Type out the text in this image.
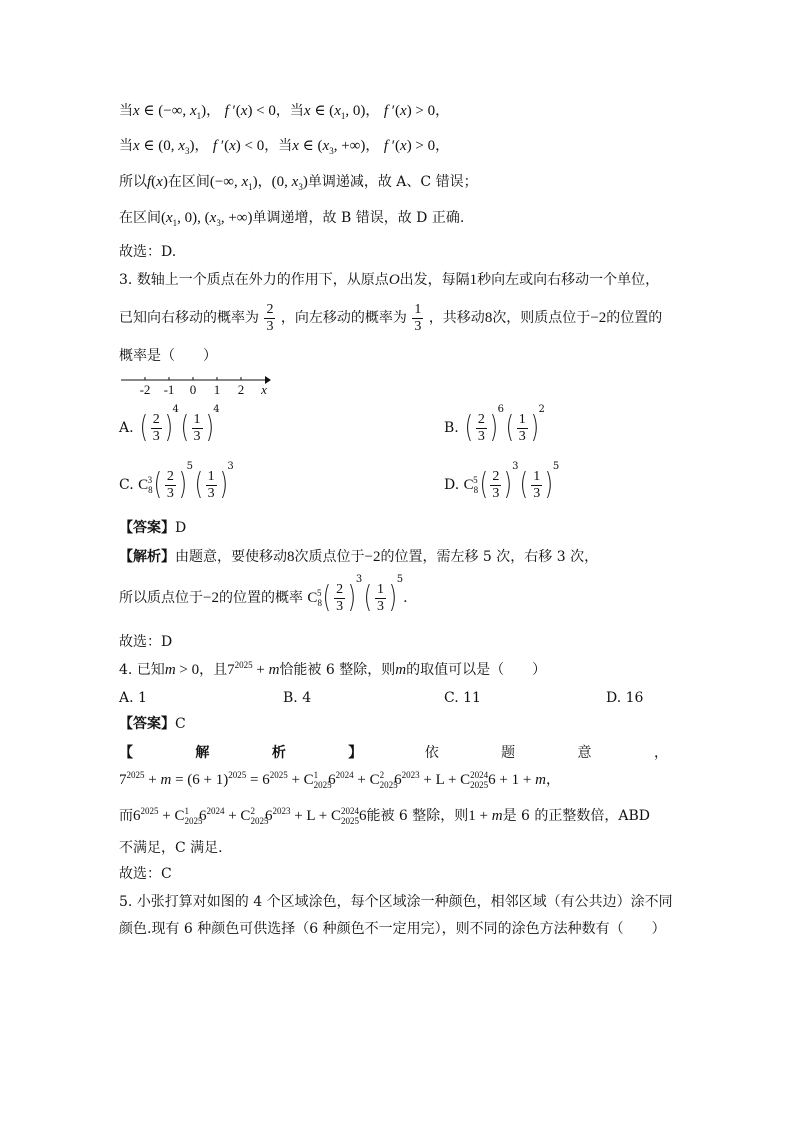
当x ∈ (−∞, $x_1$)， f ′(x) < 0，当x ∈ ($x_1$, 0)， f ′(x) > 0，
当x ∈ (0, $x_3$)， f ′(x) < 0，当x ∈ ($x_3$, +∞)， f ′(x) > 0，
所以f(x)在区间(−∞, $x_1$)，(0, $x_3$)单调递减，故 A、C 错误；
在区间($x_1$, 0), ($x_3$, +∞)单调递增，故 B 错误，故 D 正确.
故选：D.
3. 数轴上一个质点在外力的作用下，从原点O出发，每隔1秒向左或向右移动一个单位，
已知向右移动的概率为 $\frac{2}{3}$ ，向左移动的概率为 $\frac{1}{3}$ ，共移动8次，则质点位于−2的位置的
概率是（　　）
-2 -1 0 1 2 x
A. ( $\frac{2}{3} )4( \frac{1}{3} )4$
B. ( $\frac{2}{3} )6( \frac{1}{3} )2$
C. $C_8^3( \frac{2}{3} )5( \frac{1}{3} )3$
D. $C_8^5( \frac{2}{3} )3( \frac{1}{3} )5$
【答案】D
【解析】由题意，要使移动8次质点位于−2的位置，需左移 5 次，右移 3 次，
所以质点位于−2的位置的概率 $C_8^5( \frac{2}{3} )3( \frac{1}{3} )5$.
故选：D
4. 已知m > 0，且$7^{2025} + m$恰能被 6 整除，则m的取值可以是（　　）
A. 1	B. 4	C. 11	D. 16
【答案】C
【	解	析	】	依	题	意	，
$7^{2025} + m = (6 + 1)^{2025} = 6^{2025} + C_{2025}^1$ $6^{2024} + C_{2025}^2$ $6^{2023} + L + C_{2025}^{2024}6 + 1 + m$，
而$6^{2025} + C_{2025}^1$ $6^{2024} + C_{2025}^2$ $6^{2023} + L + C_{2025}^{2024}6$能被 6 整除，则1 + m是 6 的正整数倍，ABD
不满足，C 满足.
故选：C
5. 小张打算对如图的 4 个区域涂色，每个区域涂一种颜色，相邻区域（有公共边）涂不同
颜色.现有 6 种颜色可供选择（6 种颜色不一定用完），则不同的涂色方法种数有（　　）
